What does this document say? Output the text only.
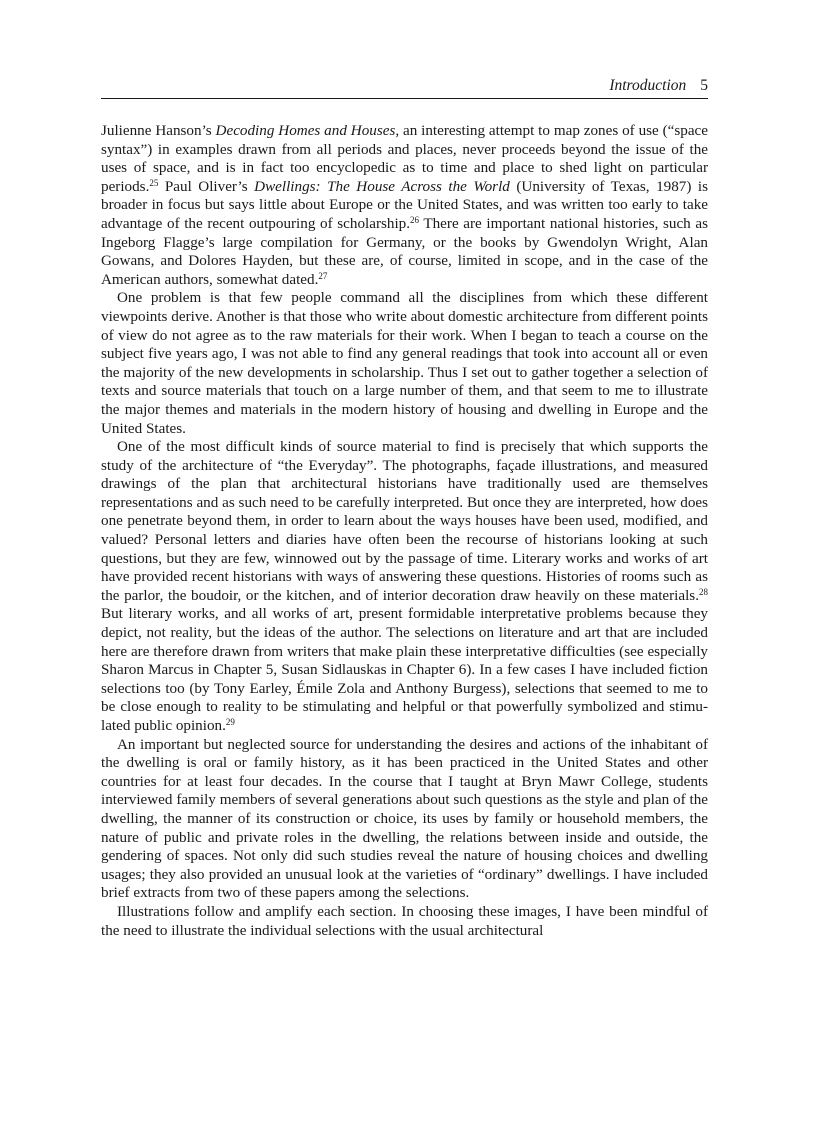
Introduction 5

Julienne Hanson’s Decoding Homes and Houses, an interesting attempt to map zones of use (“space syntax”) in examples drawn from all periods and places, never proceeds beyond the issue of the uses of space, and is in fact too encyclopedic as to time and place to shed light on particular periods.$^{25}$ Paul Oliver’s Dwellings: The House Across the World (University of Texas, 1987) is broader in focus but says little about Europe or the United States, and was written too early to take advantage of the recent outpouring of scholarship.$^{26}$ There are important national histories, such as Ingeborg Flagge’s large compilation for Germany, or the books by Gwendolyn Wright, Alan Gowans, and Dolores Hayden, but these are, of course, limited in scope, and in the case of the American authors, somewhat dated.$^{27}$

One problem is that few people command all the disciplines from which these different viewpoints derive. Another is that those who write about domestic architecture from different points of view do not agree as to the raw materials for their work. When I began to teach a course on the subject five years ago, I was not able to find any general readings that took into account all or even the majority of the new developments in scholarship. Thus I set out to gather together a selection of texts and source materials that touch on a large number of them, and that seem to me to illustrate the major themes and materials in the modern history of housing and dwelling in Europe and the United States.

One of the most difficult kinds of source material to find is precisely that which supports the study of the architecture of “the Everyday”. The photographs, façade illustrations, and measured drawings of the plan that architectural historians have traditionally used are themselves representations and as such need to be carefully interpreted. But once they are interpreted, how does one penetrate beyond them, in order to learn about the ways houses have been used, modified, and valued? Personal letters and diaries have often been the recourse of historians looking at such questions, but they are few, winnowed out by the passage of time. Literary works and works of art have provided recent historians with ways of answering these questions. Histories of rooms such as the parlor, the boudoir, or the kitchen, and of interior decoration draw heavily on these materials.$^{28}$ But literary works, and all works of art, present formidable interpretative problems because they depict, not reality, but the ideas of the author. The selections on literature and art that are included here are therefore drawn from writers that make plain these interpretative difficulties (see especially Sharon Marcus in Chapter 5, Susan Sidlauskas in Chapter 6). In a few cases I have included fiction selections too (by Tony Earley, Émile Zola and Anthony Burgess), selections that seemed to me to be close enough to reality to be stimulating and helpful or that powerfully symbolized and stimulated public opinion.$^{29}$

An important but neglected source for understanding the desires and actions of the inhabitant of the dwelling is oral or family history, as it has been practiced in the United States and other countries for at least four decades. In the course that I taught at Bryn Mawr College, students interviewed family members of several generations about such questions as the style and plan of the dwelling, the manner of its construction or choice, its uses by family or household members, the nature of public and private roles in the dwelling, the relations between inside and outside, the gendering of spaces. Not only did such studies reveal the nature of housing choices and dwelling usages; they also provided an unusual look at the varieties of “ordinary” dwellings. I have included brief extracts from two of these papers among the selections.

Illustrations follow and amplify each section. In choosing these images, I have been mindful of the need to illustrate the individual selections with the usual architectural
